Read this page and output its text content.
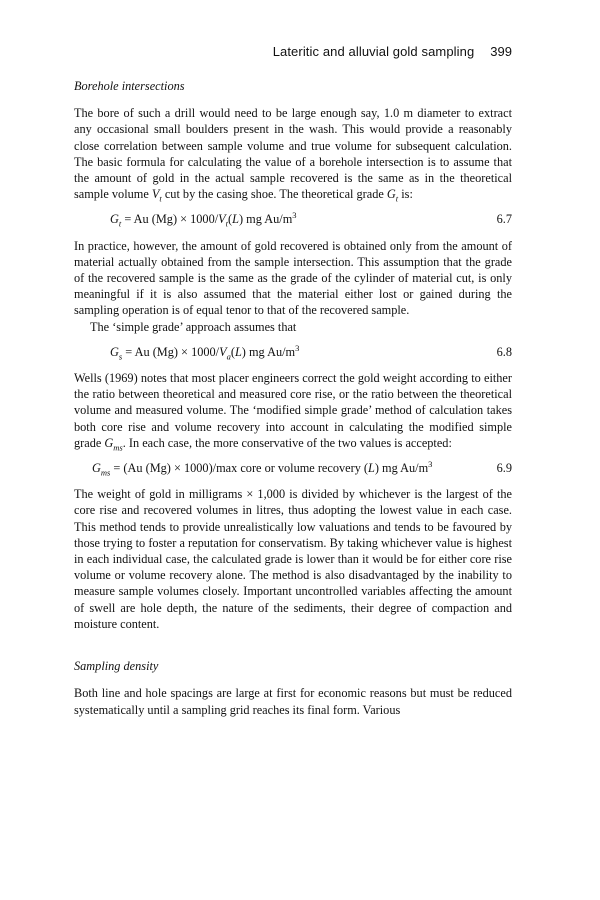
Lateritic and alluvial gold sampling 399
Borehole intersections

The bore of such a drill would need to be large enough say, 1.0 m diameter to extract any occasional small boulders present in the wash. This would provide a reasonably close correlation between sample volume and true volume for subsequent calculation. The basic formula for calculating the value of a borehole intersection is to assume that the amount of gold in the actual sample recovered is the same as in the theoretical sample volume $V_t$ cut by the casing shoe. The theoretical grade $G_t$ is:

$G_t = Au$ $(Mg) \times 1000/V_t(L)$ mg $Au/m^3$	6.7

In practice, however, the amount of gold recovered is obtained only from the amount of material actually obtained from the sample intersection. This assumption that the grade of the recovered sample is the same as the grade of the cylinder of material cut, is only meaningful if it is also assumed that the material either lost or gained during the sampling operation is of equal tenor to that of the recovered sample.

The ‘simple grade’ approach assumes that

$G_s = Au$ $(Mg) \times 1000/V_a(L)$ mg $Au/m^3$	6.8

Wells (1969) notes that most placer engineers correct the gold weight according to either the ratio between theoretical and measured core rise, or the ratio between the theoretical volume and measured volume. The ‘modified simple grade’ method of calculation takes both core rise and volume recovery into account in calculating the modified simple grade $G_{ms}$. In each case, the more conservative of the two values is accepted:

$G_{ms} = (Au$ (Mg) × 1000)/max core or volume recovery (L) mg $Au/m^3$	6.9

The weight of gold in milligrams × 1,000 is divided by whichever is the largest of the core rise and recovered volumes in litres, thus adopting the lowest value in each case. This method tends to provide unrealistically low valuations and tends to be favoured by those trying to foster a reputation for conservatism. By taking whichever value is highest in each individual case, the calculated grade is lower than it would be for either core rise volume or volume recovery alone. The method is also disadvantaged by the inability to measure sample volumes closely. Important uncontrolled variables affecting the amount of swell are hole depth, the nature of the sediments, their degree of compaction and moisture content.

Sampling density

Both line and hole spacings are large at first for economic reasons but must be reduced systematically until a sampling grid reaches its final form. Various
